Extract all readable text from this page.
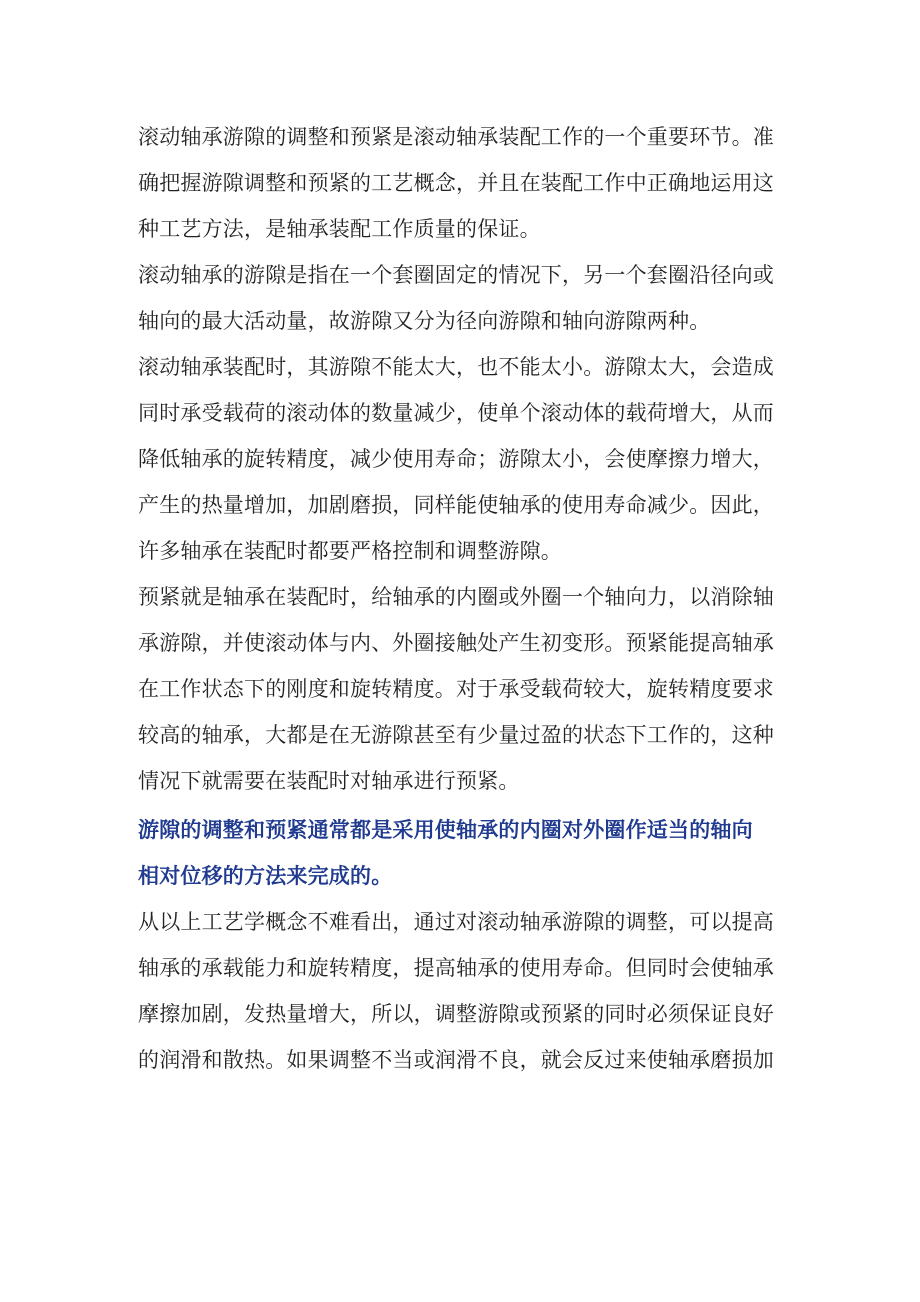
滚动轴承游隙的调整和预紧是滚动轴承装配工作的一个重要环节。准
确把握游隙调整和预紧的工艺概念，并且在装配工作中正确地运用这
种工艺方法，是轴承装配工作质量的保证。
滚动轴承的游隙是指在一个套圈固定的情况下，另一个套圈沿径向或
轴向的最大活动量，故游隙又分为径向游隙和轴向游隙两种。
滚动轴承装配时，其游隙不能太大，也不能太小。游隙太大，会造成
同时承受载荷的滚动体的数量减少，使单个滚动体的载荷增大，从而
降低轴承的旋转精度，减少使用寿命；游隙太小，会使摩擦力增大，
产生的热量增加，加剧磨损，同样能使轴承的使用寿命减少。因此，
许多轴承在装配时都要严格控制和调整游隙。
预紧就是轴承在装配时，给轴承的内圈或外圈一个轴向力，以消除轴
承游隙，并使滚动体与内、外圈接触处产生初变形。预紧能提高轴承
在工作状态下的刚度和旋转精度。对于承受载荷较大，旋转精度要求
较高的轴承，大都是在无游隙甚至有少量过盈的状态下工作的，这种
情况下就需要在装配时对轴承进行预紧。
游隙的调整和预紧通常都是采用使轴承的内圈对外圈作适当的轴向
相对位移的方法来完成的。
从以上工艺学概念不难看出，通过对滚动轴承游隙的调整，可以提高
轴承的承载能力和旋转精度，提高轴承的使用寿命。但同时会使轴承
摩擦加剧，发热量增大，所以，调整游隙或预紧的同时必须保证良好
的润滑和散热。如果调整不当或润滑不良，就会反过来使轴承磨损加
